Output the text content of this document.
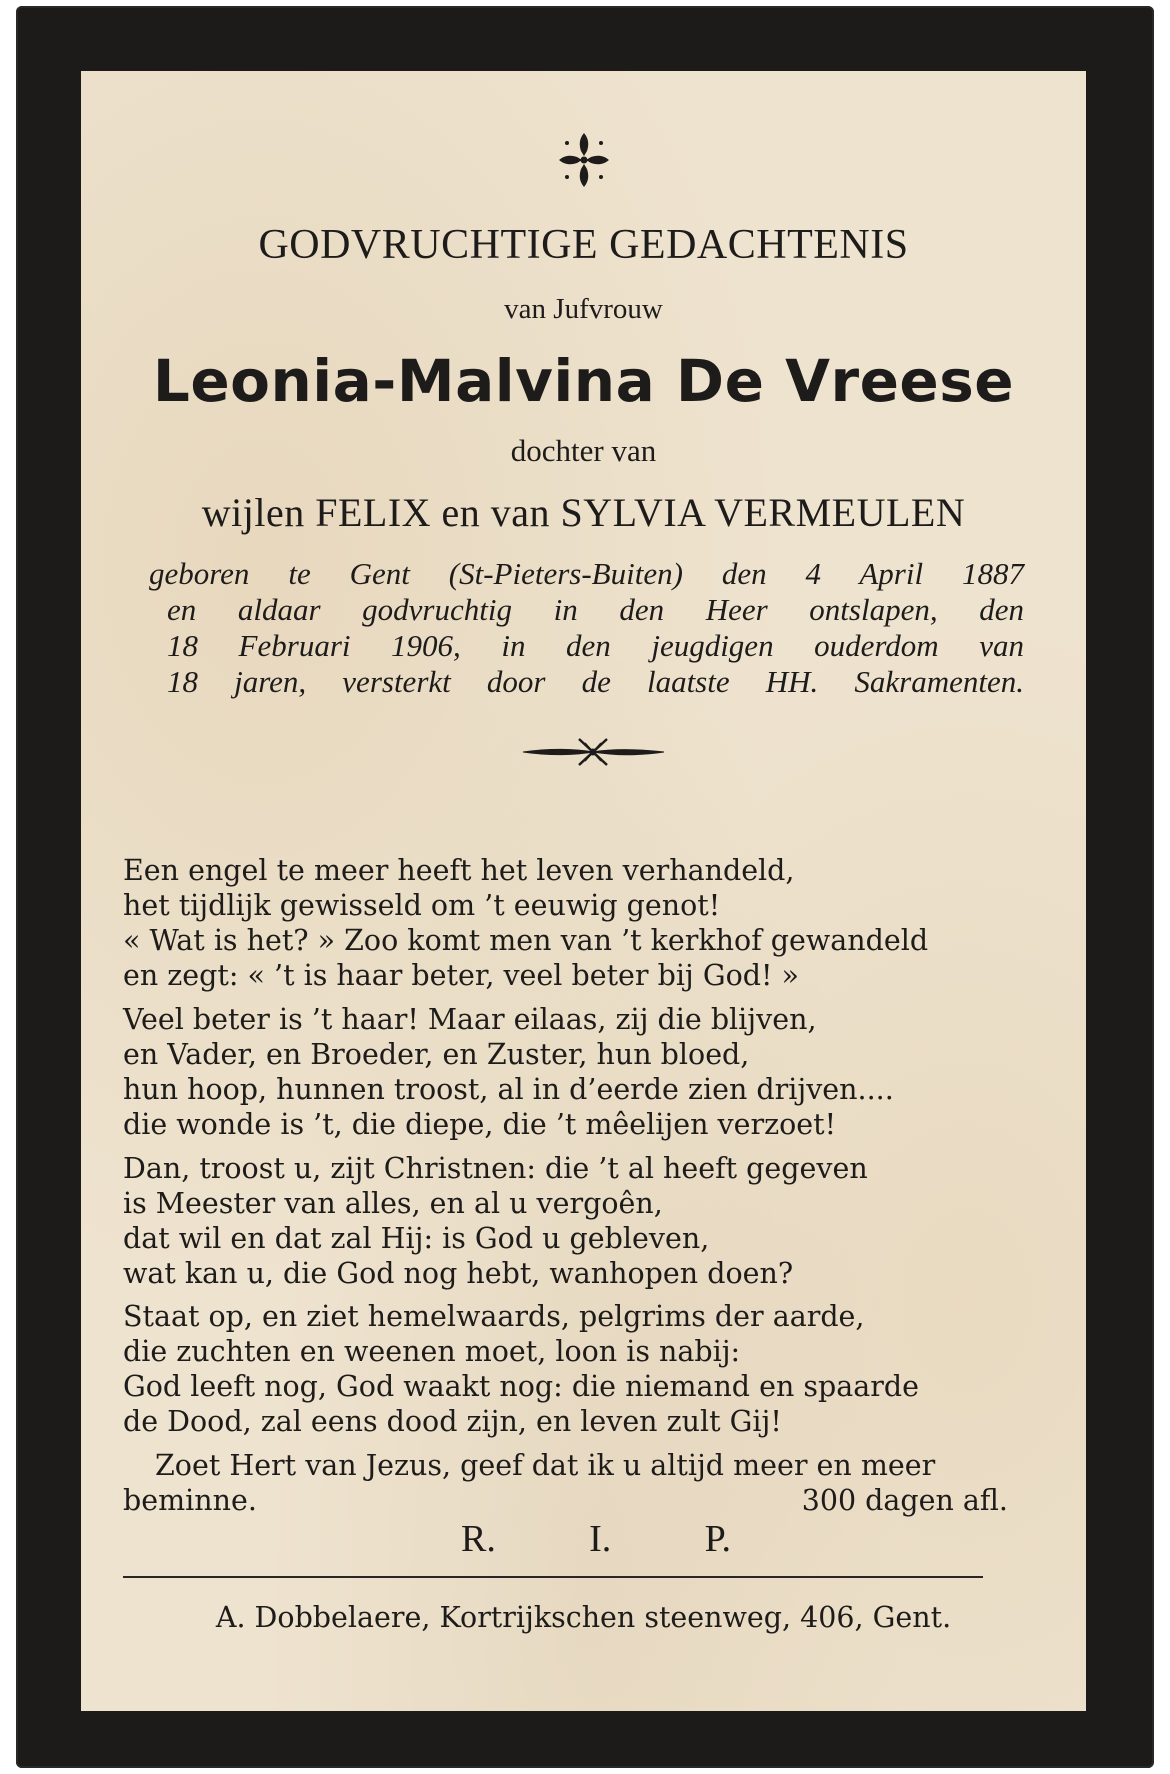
GODVRUCHTIGE GEDACHTENIS
van Jufvrouw
Leonia-Malvina De Vreese
dochter van
wijlen FELIX en van SYLVIA VERMEULEN
geboren te Gent (St-Pieters-Buiten) den 4 April 1887
en aldaar godvruchtig in den Heer ontslapen, den
18 Februari 1906, in den jeugdigen ouderdom van
18 jaren, versterkt door de laatste HH. Sakramenten.
Een engel te meer heeft het leven verhandeld,
het tijdlijk gewisseld om ’t eeuwig genot!
« Wat is het? » Zoo komt men van ’t kerkhof gewandeld
en zegt: « ’t is haar beter, veel beter bij God! »
Veel beter is ’t haar! Maar eilaas, zij die blijven,
en Vader, en Broeder, en Zuster, hun bloed,
hun hoop, hunnen troost, al in d’eerde zien drijven....
die wonde is ’t, die diepe, die ’t mêelijen verzoet!
Dan, troost u, zijt Christnen: die ’t al heeft gegeven
is Meester van alles, en al u vergoên,
dat wil en dat zal Hij: is God u gebleven,
wat kan u, die God nog hebt, wanhopen doen?
Staat op, en ziet hemelwaards, pelgrims der aarde,
die zuchten en weenen moet, loon is nabij:
God leeft nog, God waakt nog: die niemand en spaarde
de Dood, zal eens dood zijn, en leven zult Gij!
Zoet Hert van Jezus, geef dat ik u altijd meer en meer
beminne.	300 dagen afl.
R. I. P.
A. Dobbelaere, Kortrijkschen steenweg, 406, Gent.
